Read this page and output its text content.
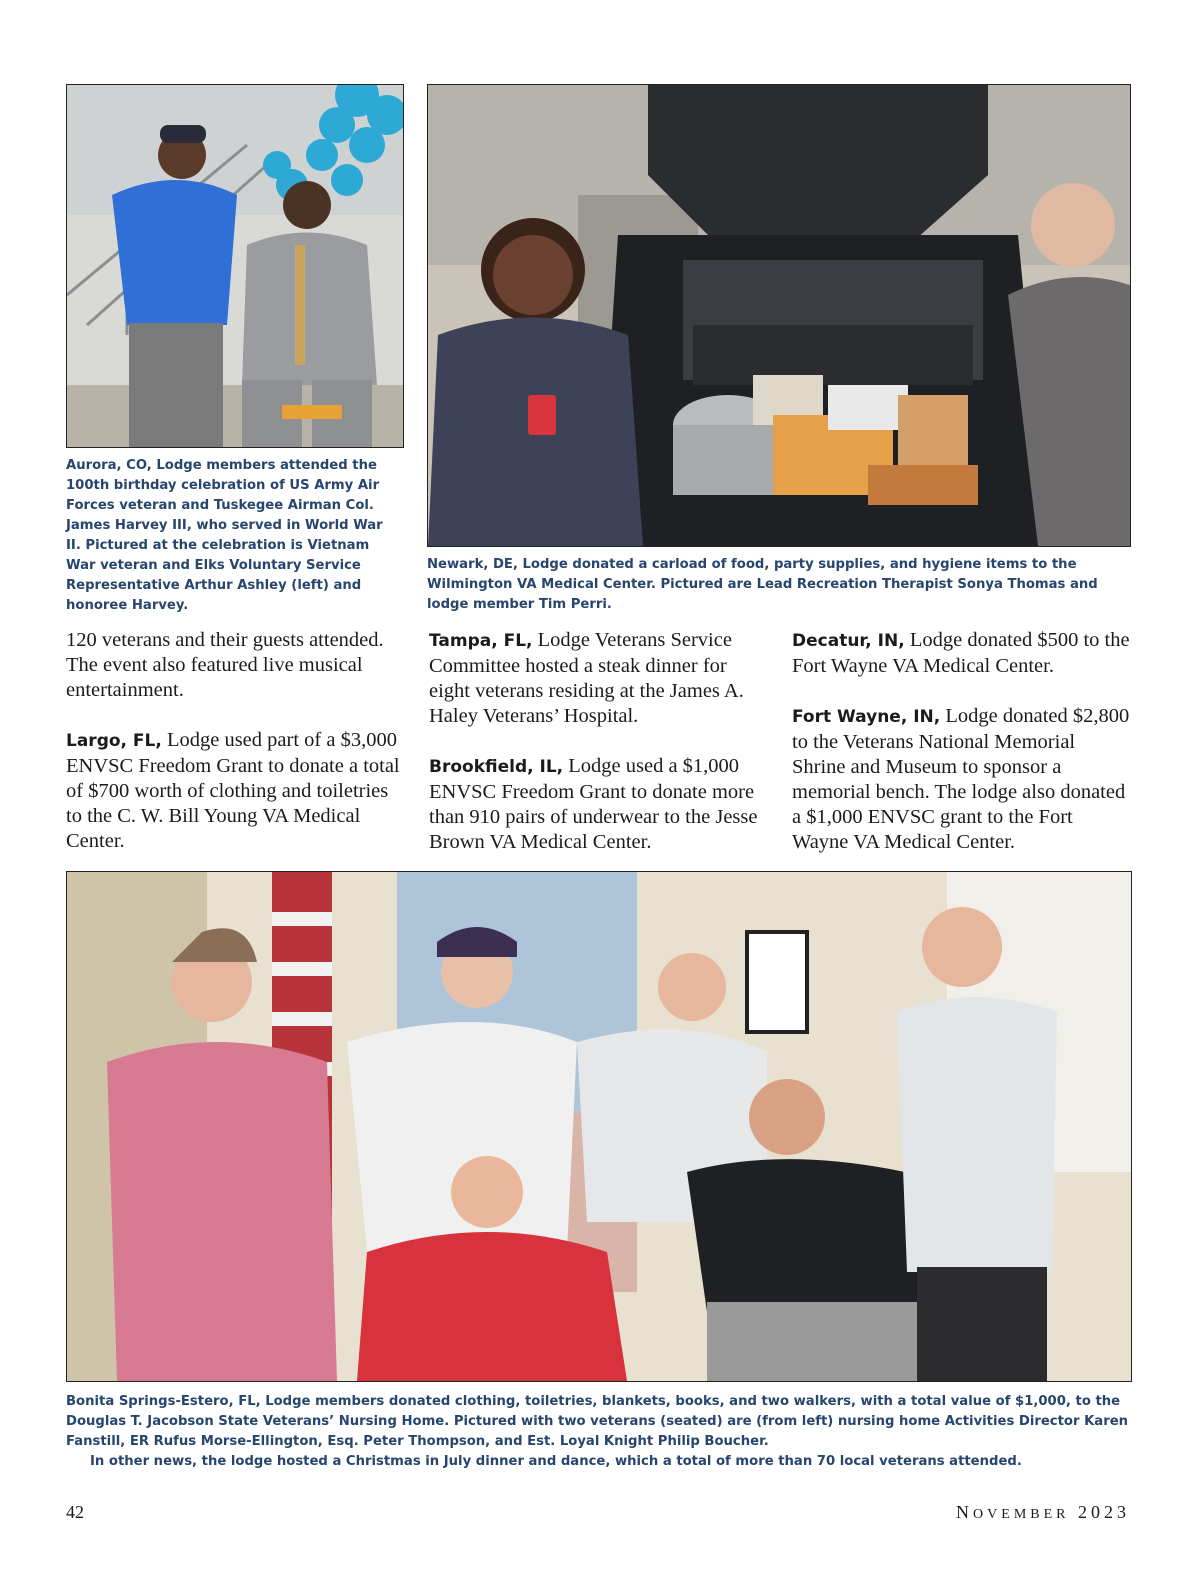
Aurora, CO, Lodge members attended the 100th birthday celebration of US Army Air Forces veteran and Tuskegee Airman Col. James Harvey III, who served in World War II. Pictured at the celebration is Vietnam War veteran and Elks Voluntary Service Representative Arthur Ashley (left) and honoree Harvey.

Newark, DE, Lodge donated a carload of food, party supplies, and hygiene items to the Wilmington VA Medical Center. Pictured are Lead Recreation Therapist Sonya Thomas and lodge member Tim Perri.

120 veterans and their guests attended. The event also featured live musical entertainment.

Largo, FL, Lodge used part of a $3,000 ENVSC Freedom Grant to donate a total of $700 worth of clothing and toiletries to the C. W. Bill Young VA Medical Center.

Tampa, FL, Lodge Veterans Service Committee hosted a steak dinner for eight veterans residing at the James A. Haley Veterans’ Hospital.

Brookfield, IL, Lodge used a $1,000 ENVSC Freedom Grant to donate more than 910 pairs of underwear to the Jesse Brown VA Medical Center.

Decatur, IN, Lodge donated $500 to the Fort Wayne VA Medical Center.

Fort Wayne, IN, Lodge donated $2,800 to the Veterans National Memorial Shrine and Museum to sponsor a memorial bench. The lodge also donated a $1,000 ENVSC grant to the Fort Wayne VA Medical Center.

Bonita Springs-Estero, FL, Lodge members donated clothing, toiletries, blankets, books, and two walkers, with a total value of $1,000, to the Douglas T. Jacobson State Veterans’ Nursing Home. Pictured with two veterans (seated) are (from left) nursing home Activities Director Karen Fanstill, ER Rufus Morse-Ellington, Esq. Peter Thompson, and Est. Loyal Knight Philip Boucher.

In other news, the lodge hosted a Christmas in July dinner and dance, which a total of more than 70 local veterans attended.

42	NOVEMBER 2023
